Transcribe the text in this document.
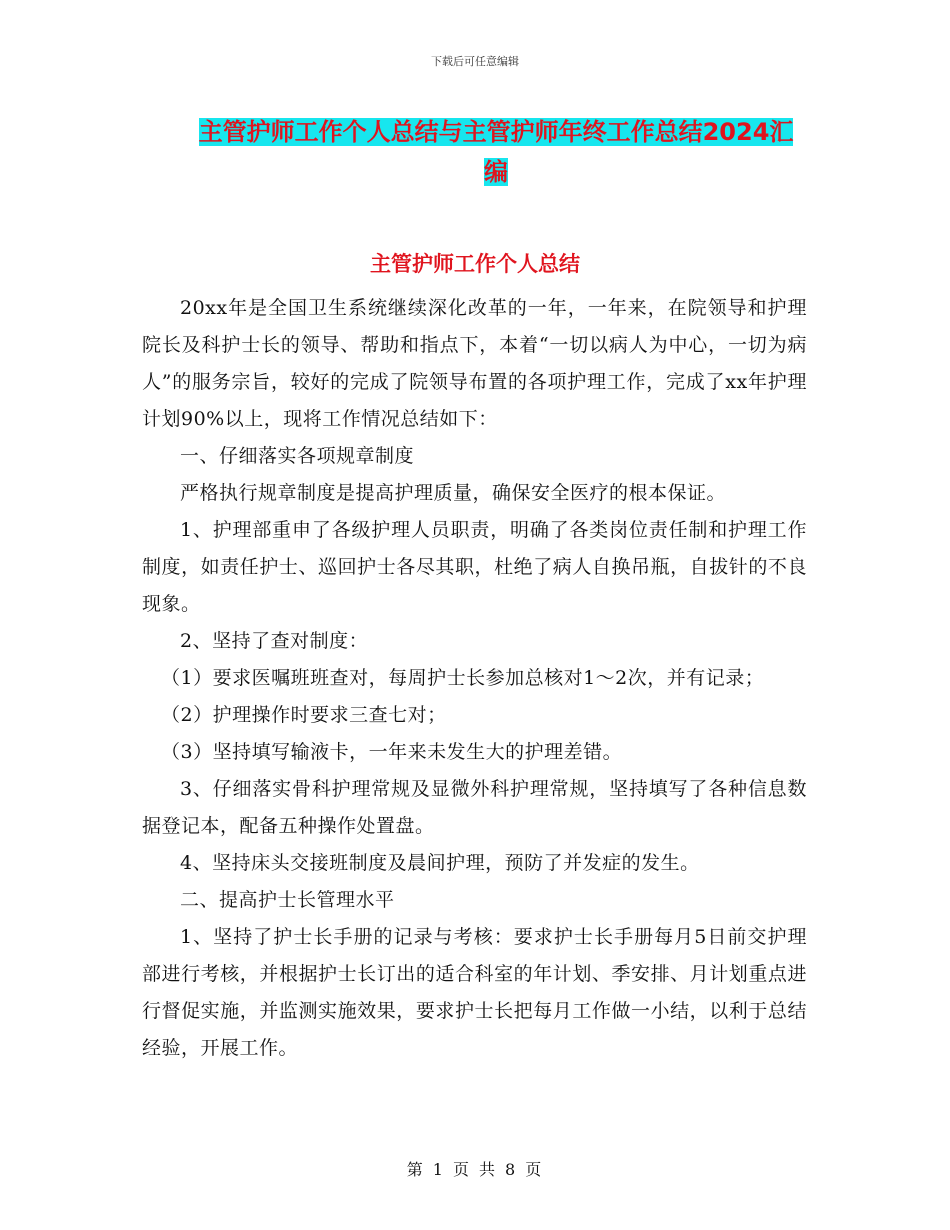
下载后可任意编辑
主管护师工作个人总结与主管护师年终工作总结2024汇编
主管护师工作个人总结

20xx年是全国卫生系统继续深化改革的一年，一年来，在院领导和护理院长及科护士长的领导、帮助和指点下，本着“一切以病人为中心，一切为病人”的服务宗旨，较好的完成了院领导布置的各项护理工作，完成了xx年护理计划90%以上，现将工作情况总结如下：

一、仔细落实各项规章制度

严格执行规章制度是提高护理质量，确保安全医疗的根本保证。

1、护理部重申了各级护理人员职责，明确了各类岗位责任制和护理工作制度，如责任护士、巡回护士各尽其职，杜绝了病人自换吊瓶，自拔针的不良现象。

2、坚持了查对制度：

（1）要求医嘱班班查对，每周护士长参加总核对1～2次，并有记录；

（2）护理操作时要求三查七对；

（3）坚持填写输液卡，一年来未发生大的护理差错。

3、仔细落实骨科护理常规及显微外科护理常规，坚持填写了各种信息数据登记本，配备五种操作处置盘。

4、坚持床头交接班制度及晨间护理，预防了并发症的发生。

二、提高护士长管理水平

1、坚持了护士长手册的记录与考核：要求护士长手册每月5日前交护理部进行考核，并根据护士长订出的适合科室的年计划、季安排、月计划重点进行督促实施，并监测实施效果，要求护士长把每月工作做一小结，以利于总结经验，开展工作。

第 1 页 共 8 页
